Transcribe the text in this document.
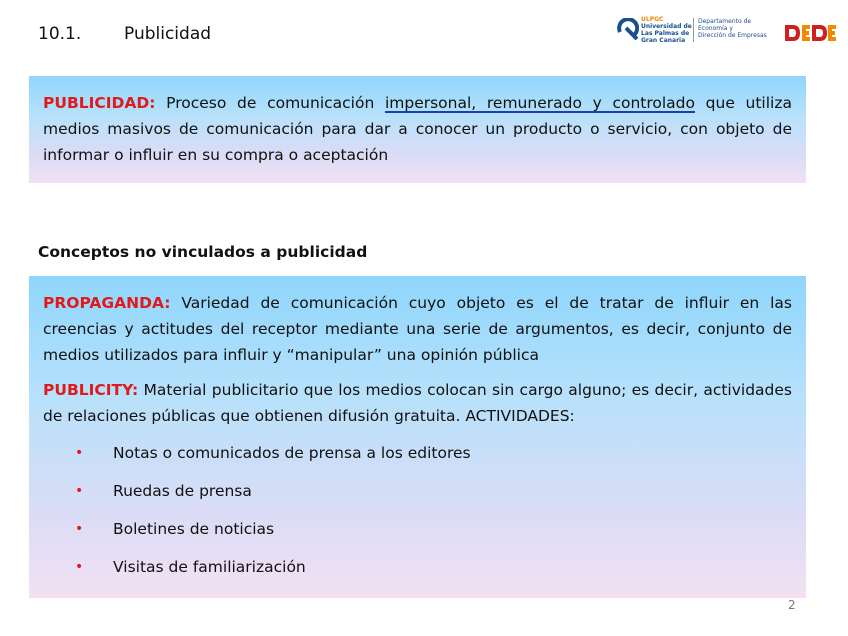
10.1.	Publicidad
ULPGC
Universidad de
Las Palmas de
Gran Canaria
Departamento de
Economía y
Dirección de Empresas
PUBLICIDAD: Proceso de comunicación impersonal, remunerado y controlado que utiliza medios masivos de comunicación para dar a conocer un producto o servicio, con objeto de informar o influir en su compra o aceptación
Conceptos no vinculados a publicidad
PROPAGANDA: Variedad de comunicación cuyo objeto es el de tratar de influir en las creencias y actitudes del receptor mediante una serie de argumentos, es decir, conjunto de medios utilizados para influir y “manipular” una opinión pública
PUBLICITY: Material publicitario que los medios colocan sin cargo alguno; es decir, actividades de relaciones públicas que obtienen difusión gratuita. ACTIVIDADES:
• Notas o comunicados de prensa a los editores
• Ruedas de prensa
• Boletines de noticias
• Visitas de familiarización
2
